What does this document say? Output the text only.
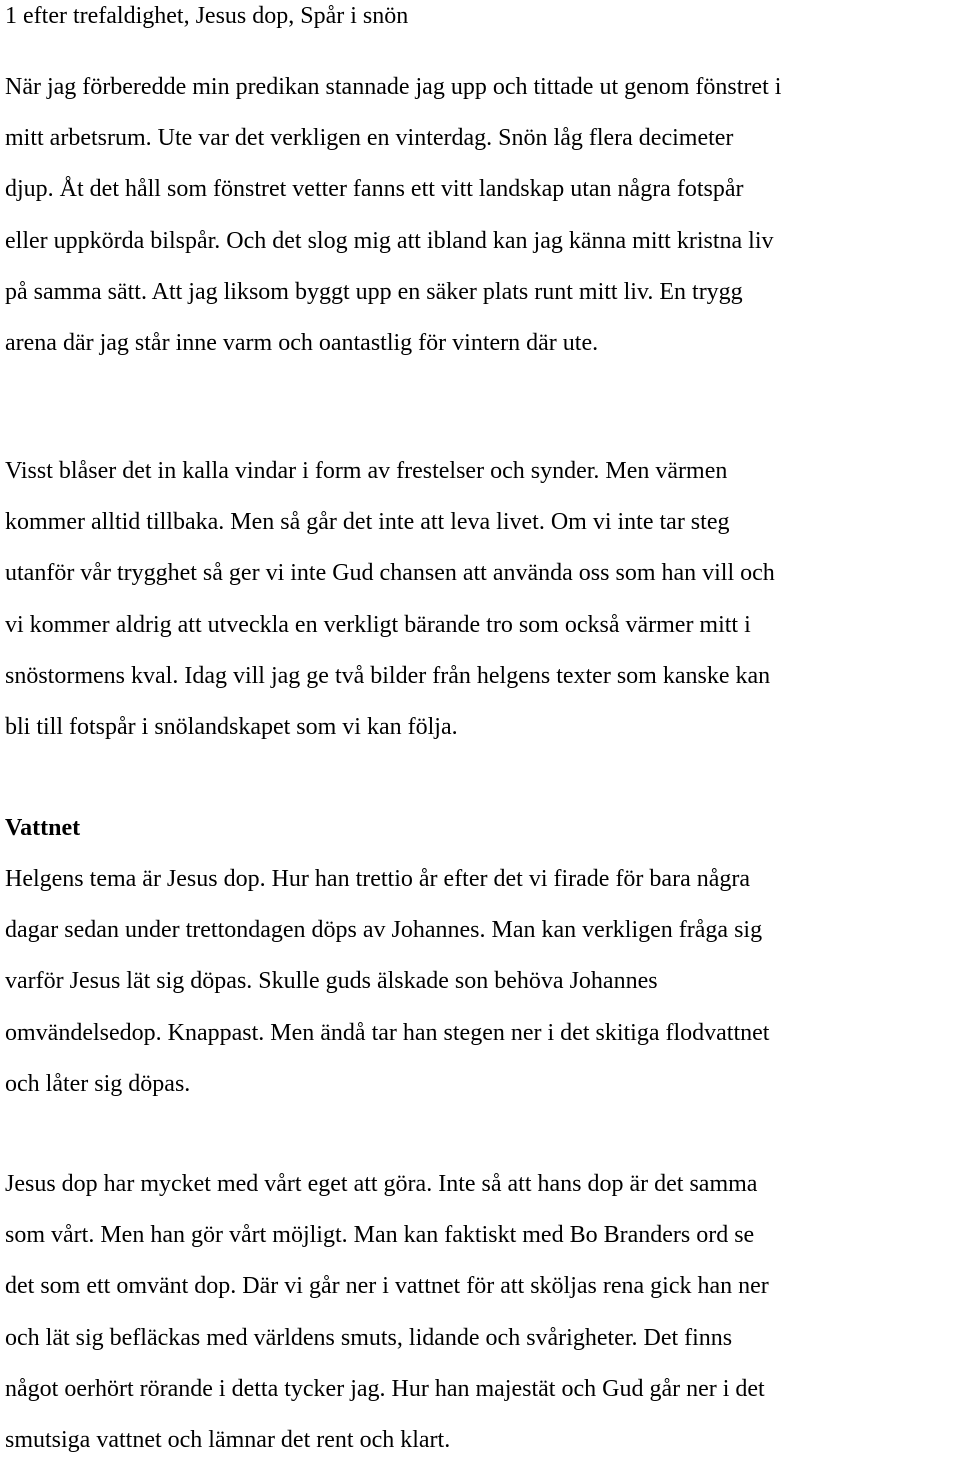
1 efter trefaldighet, Jesus dop, Spår i snön

När jag förberedde min predikan stannade jag upp och tittade ut genom fönstret i
mitt arbetsrum. Ute var det verkligen en vinterdag. Snön låg flera decimeter
djup. Åt det håll som fönstret vetter fanns ett vitt landskap utan några fotspår
eller uppkörda bilspår. Och det slog mig att ibland kan jag känna mitt kristna liv
på samma sätt. Att jag liksom byggt upp en säker plats runt mitt liv. En trygg
arena där jag står inne varm och oantastlig för vintern där ute.

Visst blåser det in kalla vindar i form av frestelser och synder. Men värmen
kommer alltid tillbaka. Men så går det inte att leva livet. Om vi inte tar steg
utanför vår trygghet så ger vi inte Gud chansen att använda oss som han vill och
vi kommer aldrig att utveckla en verkligt bärande tro som också värmer mitt i
snöstormens kval. Idag vill jag ge två bilder från helgens texter som kanske kan
bli till fotspår i snölandskapet som vi kan följa.

Vattnet

Helgens tema är Jesus dop. Hur han trettio år efter det vi firade för bara några
dagar sedan under trettondagen döps av Johannes. Man kan verkligen fråga sig
varför Jesus lät sig döpas. Skulle guds älskade son behöva Johannes
omvändelsedop. Knappast. Men ändå tar han stegen ner i det skitiga flodvattnet
och låter sig döpas.

Jesus dop har mycket med vårt eget att göra. Inte så att hans dop är det samma
som vårt. Men han gör vårt möjligt. Man kan faktiskt med Bo Branders ord se
det som ett omvänt dop. Där vi går ner i vattnet för att sköljas rena gick han ner
och lät sig befläckas med världens smuts, lidande och svårigheter. Det finns
något oerhört rörande i detta tycker jag. Hur han majestät och Gud går ner i det
smutsiga vattnet och lämnar det rent och klart.
